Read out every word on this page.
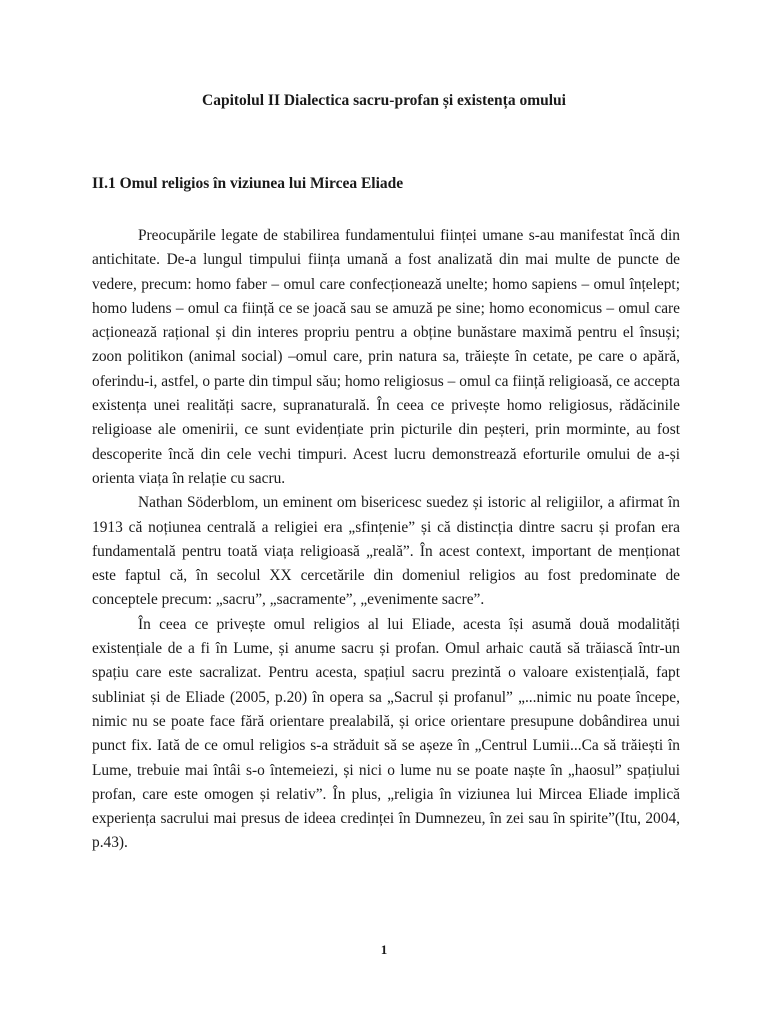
Capitolul II Dialectica sacru-profan și existența omului
II.1 Omul religios în viziunea lui Mircea Eliade

Preocupările legate de stabilirea fundamentului ființei umane s-au manifestat încă din antichitate. De-a lungul timpului ființa umană a fost analizată din mai multe de puncte de vedere, precum: homo faber – omul care confecționează unelte; homo sapiens – omul înțelept; homo ludens – omul ca ființă ce se joacă sau se amuză pe sine; homo economicus – omul care acționează rațional și din interes propriu pentru a obține bunăstare maximă pentru el însuși; zoon politikon (animal social) –omul care, prin natura sa, trăiește în cetate, pe care o apără, oferindu-i, astfel, o parte din timpul său; homo religiosus – omul ca ființă religioasă, ce accepta existența unei realități sacre, supranaturală. În ceea ce privește homo religiosus, rădăcinile religioase ale omenirii, ce sunt evidențiate prin picturile din peșteri, prin morminte, au fost descoperite încă din cele vechi timpuri. Acest lucru demonstrează eforturile omului de a-și orienta viața în relație cu sacru.

Nathan Söderblom, un eminent om bisericesc suedez și istoric al religiilor, a afirmat în 1913 că noțiunea centrală a religiei era „sfințenie” și că distincția dintre sacru și profan era fundamentală pentru toată viața religioasă „reală”. În acest context, important de menționat este faptul că, în secolul XX cercetările din domeniul religios au fost predominate de conceptele precum: „sacru”, „sacramente”, „evenimente sacre”.

În ceea ce privește omul religios al lui Eliade, acesta își asumă două modalități existențiale de a fi în Lume, și anume sacru și profan. Omul arhaic caută să trăiască într-un spațiu care este sacralizat. Pentru acesta, spațiul sacru prezintă o valoare existențială, fapt subliniat și de Eliade (2005, p.20) în opera sa „Sacrul și profanul” „...nimic nu poate începe, nimic nu se poate face fără orientare prealabilă, și orice orientare presupune dobândirea unui punct fix. Iată de ce omul religios s-a străduit să se așeze în „Centrul Lumii...Ca să trăiești în Lume, trebuie mai întâi s-o întemeiezi, și nici o lume nu se poate naște în „haosul” spațiului profan, care este omogen și relativ”. În plus, „religia în viziunea lui Mircea Eliade implică experiența sacrului mai presus de ideea credinței în Dumnezeu, în zei sau în spirite”(Itu, 2004, p.43).

1
